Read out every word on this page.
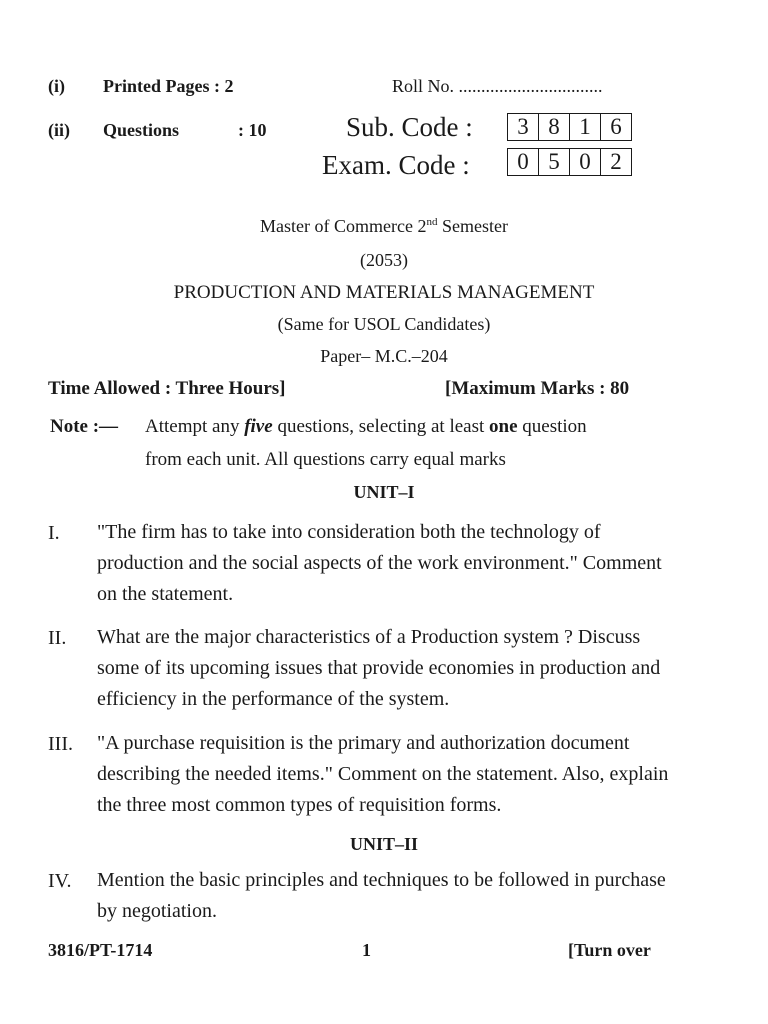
(i) Printed Pages : 2	Roll No. ................................
(ii) Questions	: 10	Sub. Code :	3 8 1 6
Exam. Code :	0 5 0 2
Master of Commerce 2nd Semester
(2053)
PRODUCTION AND MATERIALS MANAGEMENT
(Same for USOL Candidates)
Paper– M.C.–204
Time Allowed : Three Hours]	[Maximum Marks : 80
Note :— Attempt any five questions, selecting at least one question
from each unit. All questions carry equal marks
UNIT–I
I. "The firm has to take into consideration both the technology of production and the social aspects of the work environment." Comment on the statement.
II. What are the major characteristics of a Production system ? Discuss some of its upcoming issues that provide economies in production and efficiency in the performance of the system.
III. "A purchase requisition is the primary and authorization document describing the needed items." Comment on the statement. Also, explain the three most common types of requisition forms.
UNIT–II
IV. Mention the basic principles and techniques to be followed in purchase by negotiation.
3816/PT-1714	1	[Turn over
